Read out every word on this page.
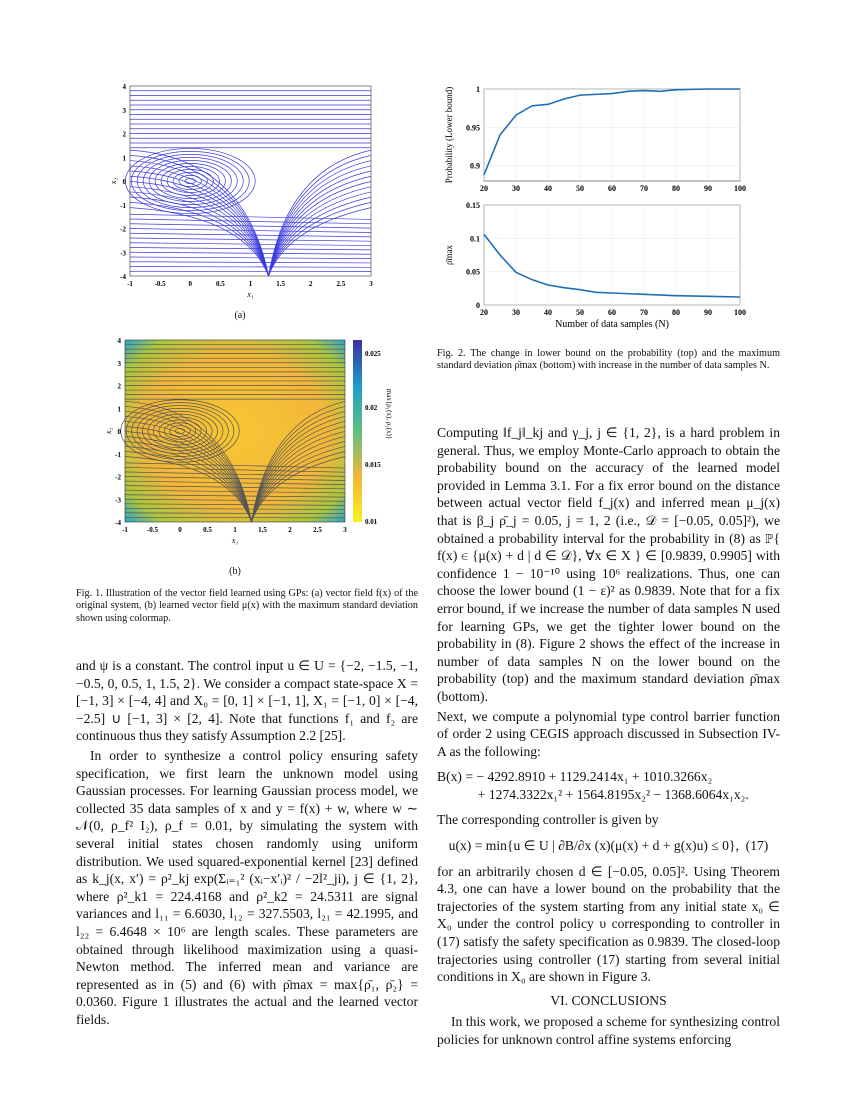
-1	-0.5	0	0.5	1	1.5	2	2.5	3
4
3
2
1
0
-1
-2
-3
-4
x₁
x₂
(a)
-1	-0.5	0	0.5	1	1.5	2	2.5	3
4
3
2
1
0
-1
-2
-3
-4
x₁
x₂
0.025
0.02
0.015
0.01
max{ρ₁(x), ρ₂(x)}
(b)
Fig. 1. Illustration of the vector field learned using GPs: (a) vector field f(x) of the original system, (b) learned vector field μ(x) with the maximum standard deviation shown using colormap.
20	30	40	50	60	70	80	90	100
1
0.95
0.9
Probability (Lower bound)
20	30	40	50	60	70	80	90	100
0.15
0.1
0.05
0
ρ̄max
Number of data samples (N)
Fig. 2. The change in lower bound on the probability (top) and the maximum standard deviation ρ̄max (bottom) with increase in the number of data samples N.

and ψ is a constant. The control input u ∈ U = {−2, −1.5, −1, −0.5, 0, 0.5, 1, 1.5, 2}. We consider a compact state-space X = [−1, 3] × [−4, 4] and X₀ = [0, 1] × [−1, 1], X₁ = [−1, 0] × [−4, −2.5] ∪ [−1, 3] × [2, 4]. Note that functions f₁ and f₂ are continuous thus they satisfy Assumption 2.2 [25].

In order to synthesize a control policy ensuring safety specification, we first learn the unknown model using Gaussian processes. For learning Gaussian process model, we collected 35 data samples of x and y = f(x) + w, where w ∼ 𝒩(0, ρ_f² I₂), ρ_f = 0.01, by simulating the system with several initial states chosen randomly using uniform distribution. We used squared-exponential kernel [23] defined as k_j(x, x′) = ρ²_kj exp(Σᵢ₌₁² (xᵢ−x′ᵢ)² / −2l²_ji), j ∈ {1, 2}, where ρ²_k1 = 224.4168 and ρ²_k2 = 24.5311 are signal variances and l₁₁ = 6.6030, l₁₂ = 327.5503, l₂₁ = 42.1995, and l₂₂ = 6.4648 × 10⁶ are length scales. These parameters are obtained through likelihood maximization using a quasi-Newton method. The inferred mean and variance are represented as in (5) and (6) with ρ̄max = max{ρ̄₁, ρ̄₂} = 0.0360. Figure 1 illustrates the actual and the learned vector fields.

Computing ‖f_j‖_kj and γ_j, j ∈ {1, 2}, is a hard problem in general. Thus, we employ Monte-Carlo approach to obtain the probability bound on the accuracy of the learned model provided in Lemma 3.1. For a fix error bound on the distance between actual vector field f_j(x) and inferred mean μ_j(x) that is β_j ρ̄_j = 0.05, j = 1, 2 (i.e., 𝒟 = [−0.05, 0.05]²), we obtained a probability interval for the probability in (8) as ℙ{ f(x) ∈ {μ(x) + d | d ∈ 𝒟}, ∀x ∈ X } ∈ [0.9839, 0.9905] with confidence 1 − 10⁻¹⁰ using 10⁶ realizations. Thus, one can choose the lower bound (1 − ε)² as 0.9839. Note that for a fix error bound, if we increase the number of data samples N used for learning GPs, we get the tighter lower bound on the probability in (8). Figure 2 shows the effect of the increase in number of data samples N on the lower bound on the probability (top) and the maximum standard deviation ρ̄max (bottom).

Next, we compute a polynomial type control barrier function of order 2 using CEGIS approach discussed in Subsection IV-A as the following:

B(x) = − 4292.8910 + 1129.2414x₁ + 1010.3266x₂
+ 1274.3322x₁² + 1564.8195x₂² − 1368.6064x₁x₂.

The corresponding controller is given by

u(x) = min{u ∈ U | ∂B/∂x (x)(μ(x) + d + g(x)u) ≤ 0},  (17)

for an arbitrarily chosen d ∈ [−0.05, 0.05]². Using Theorem 4.3, one can have a lower bound on the probability that the trajectories of the system starting from any initial state x₀ ∈ X₀ under the control policy υ corresponding to controller in (17) satisfy the safety specification as 0.9839. The closed-loop trajectories using controller (17) starting from several initial conditions in X₀ are shown in Figure 3.

VI. CONCLUSIONS

In this work, we proposed a scheme for synthesizing control policies for unknown control affine systems enforcing
